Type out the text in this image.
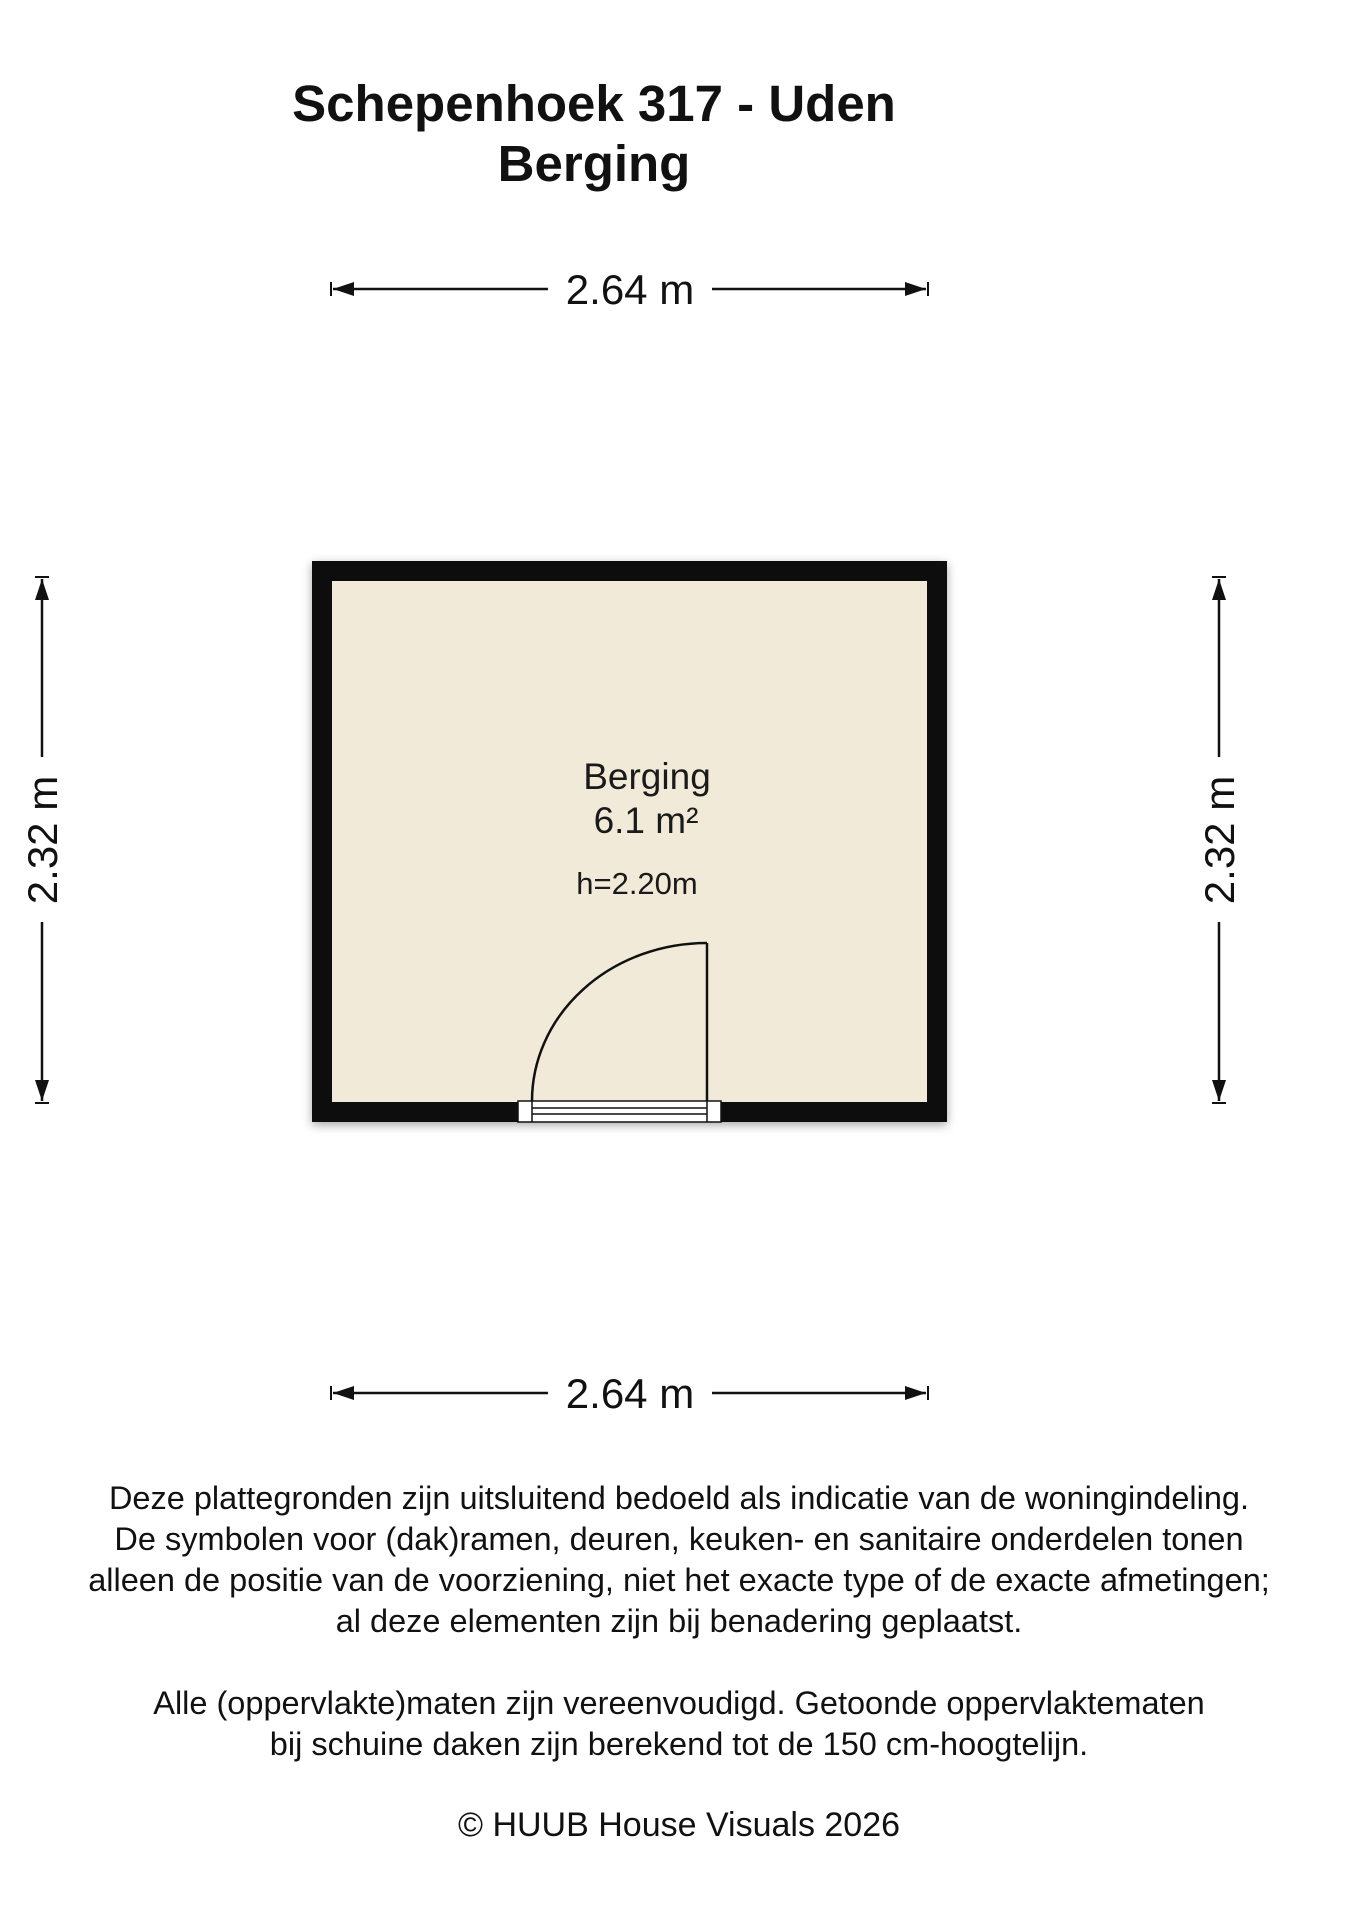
Schepenhoek 317 - Uden
Berging
2.64 m
2.64 m
2.32 m	2.32 m
Berging
6.1 m²
h=2.20m

Deze plattegronden zijn uitsluitend bedoeld als indicatie van de woningindeling.

De symbolen voor (dak)ramen, deuren, keuken- en sanitaire onderdelen tonen

alleen de positie van de voorziening, niet het exacte type of de exacte afmetingen;

al deze elementen zijn bij benadering geplaatst.

Alle (oppervlakte)maten zijn vereenvoudigd. Getoonde oppervlaktematen

bij schuine daken zijn berekend tot de 150 cm-hoogtelijn.

© HUUB House Visuals 2026
